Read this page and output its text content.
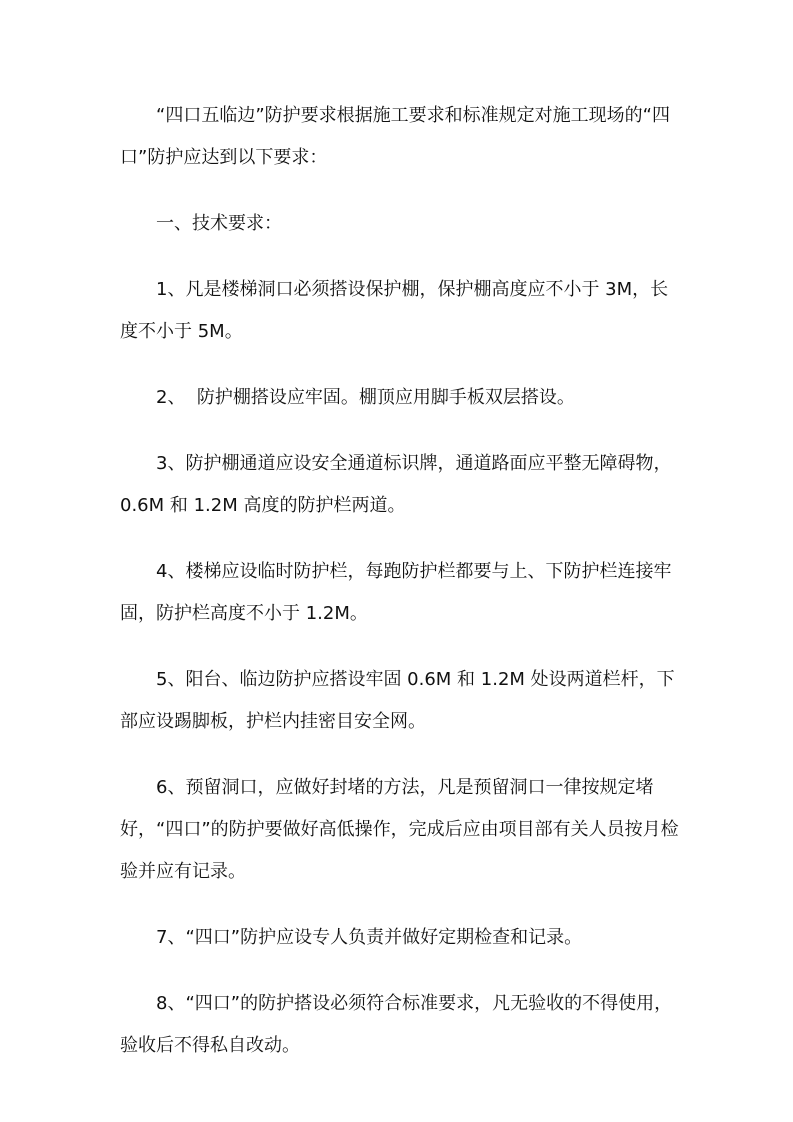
“四口五临边”防护要求根据施工要求和标准规定对施工现场的“四口”防护应达到以下要求：

一、技术要求：

1、凡是楼梯洞口必须搭设保护棚，保护棚高度应不小于 3M，长度不小于 5M。

2、  防护棚搭设应牢固。棚顶应用脚手板双层搭设。

3、防护棚通道应设安全通道标识牌，通道路面应平整无障碍物，0.6M 和 1.2M 高度的防护栏两道。

4、楼梯应设临时防护栏，每跑防护栏都要与上、下防护栏连接牢固，防护栏高度不小于 1.2M。

5、阳台、临边防护应搭设牢固 0.6M 和 1.2M 处设两道栏杆，下部应设踢脚板，护栏内挂密目安全网。

6、预留洞口，应做好封堵的方法，凡是预留洞口一律按规定堵好，“四口”的防护要做好高低操作，完成后应由项目部有关人员按月检验并应有记录。

7、“四口”防护应设专人负责并做好定期检查和记录。

8、“四口”的防护搭设必须符合标准要求，凡无验收的不得使用，验收后不得私自改动。
